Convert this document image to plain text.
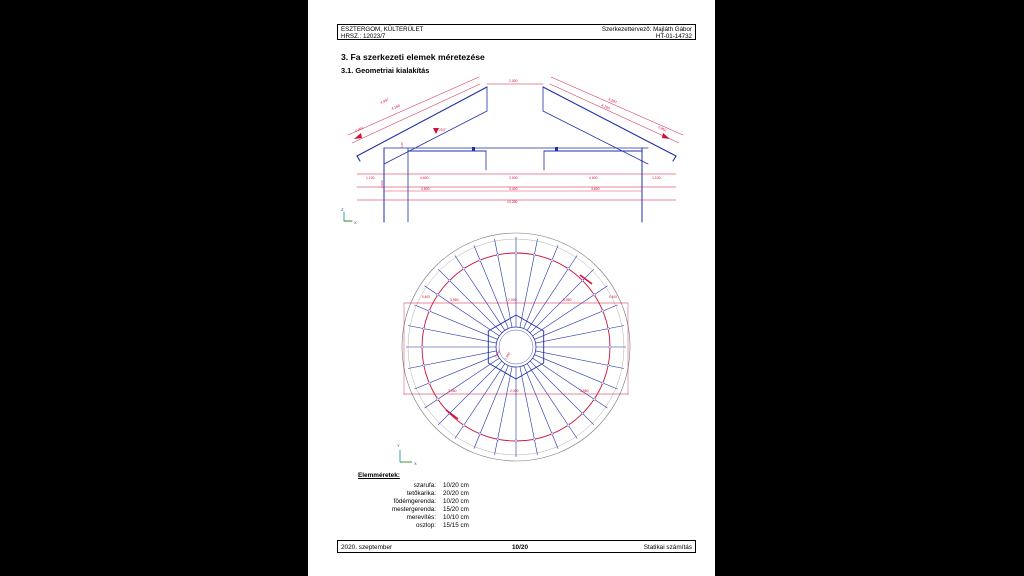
ESZTERGOM, KÜLTERÜLET
HRSZ.: 12023/7
Szerkezettervező: Majláth Gábor
HT-01-14732
3. Fa szerkezeti elemek méretezése
3.1. Geometriai kialakítás
4,997
4,160
4,997
4,160
0,852	0,852
2,000
23,0°
0,40
2,500
1,100	4,600	2,000	4,600	1,100
3,800	3,400	3,800
13,280
Z
X
3,960	2,000	3,960
0,400	0,400
2,000 1,500
3,960	2,000	3,960
Y
X
Elemméretek:
szarufa: 10/20 cm
tetőkarika: 20/20 cm
födémgerenda: 10/20 cm
mestergerenda: 15/20 cm
merevítés: 10/10 cm
oszlop: 15/15 cm
2020. szeptember	10/20	Statikai számítás
